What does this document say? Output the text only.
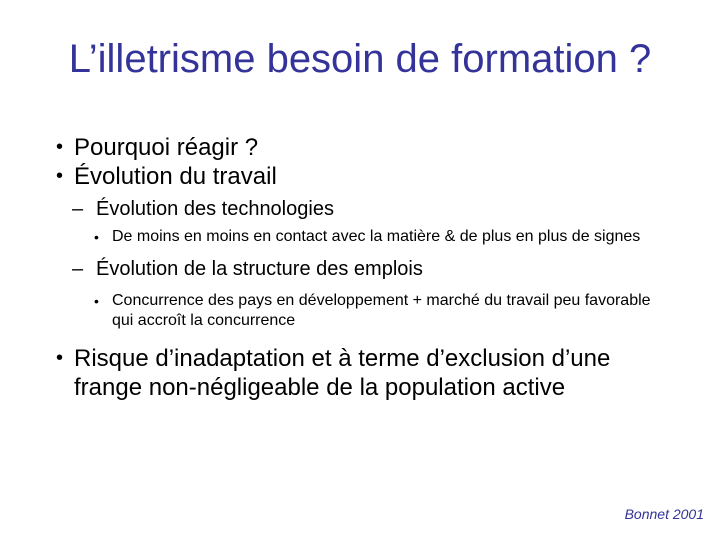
L’illetrisme besoin de formation ?
• Pourquoi réagir ?
• Évolution du travail
– Évolution des technologies
• De moins en moins en contact avec la matière & de plus en plus de signes
– Évolution de la structure des emplois
• Concurrence des pays en développement + marché du travail peu favorable qui accroît la concurrence
• Risque d’inadaptation et à terme d’exclusion d’une frange non-négligeable de la population active
Bonnet 2001
